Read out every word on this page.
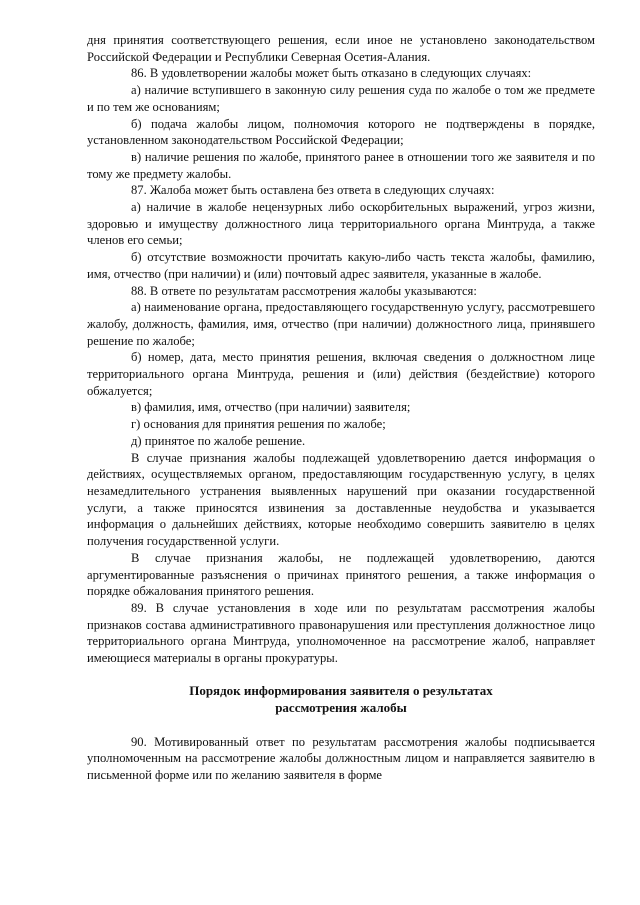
дня принятия соответствующего решения, если иное не установлено законодательством Российской Федерации и Республики Северная Осетия-Алания.

86. В удовлетворении жалобы может быть отказано в следующих случаях:

а) наличие вступившего в законную силу решения суда по жалобе о том же предмете и по тем же основаниям;

б) подача жалобы лицом, полномочия которого не подтверждены в порядке, установленном законодательством Российской Федерации;

в) наличие решения по жалобе, принятого ранее в отношении того же заявителя и по тому же предмету жалобы.

87. Жалоба может быть оставлена без ответа в следующих случаях:

а) наличие в жалобе нецензурных либо оскорбительных выражений, угроз жизни, здоровью и имуществу должностного лица территориального органа Минтруда, а также членов его семьи;

б) отсутствие возможности прочитать какую-либо часть текста жалобы, фамилию, имя, отчество (при наличии) и (или) почтовый адрес заявителя, указанные в жалобе.

88. В ответе по результатам рассмотрения жалобы указываются:

а) наименование органа, предоставляющего государственную услугу, рассмотревшего жалобу, должность, фамилия, имя, отчество (при наличии) должностного лица, принявшего решение по жалобе;

б) номер, дата, место принятия решения, включая сведения о должностном лице территориального органа Минтруда, решения и (или) действия (бездействие) которого обжалуется;

в) фамилия, имя, отчество (при наличии) заявителя;

г) основания для принятия решения по жалобе;

д) принятое по жалобе решение.

В случае признания жалобы подлежащей удовлетворению дается информация о действиях, осуществляемых органом, предоставляющим государственную услугу, в целях незамедлительного устранения выявленных нарушений при оказании государственной услуги, а также приносятся извинения за доставленные неудобства и указывается информация о дальнейших действиях, которые необходимо совершить заявителю в целях получения государственной услуги.

В случае признания жалобы, не подлежащей удовлетворению, даются аргументированные разъяснения о причинах принятого решения, а также информация о порядке обжалования принятого решения.

89. В случае установления в ходе или по результатам рассмотрения жалобы признаков состава административного правонарушения или преступления должностное лицо территориального органа Минтруда, уполномоченное на рассмотрение жалоб, направляет имеющиеся материалы в органы прокуратуры.

Порядок информирования заявителя о результатах
рассмотрения жалобы

90. Мотивированный ответ по результатам рассмотрения жалобы подписывается уполномоченным на рассмотрение жалобы должностным лицом и направляется заявителю в письменной форме или по желанию заявителя в форме
